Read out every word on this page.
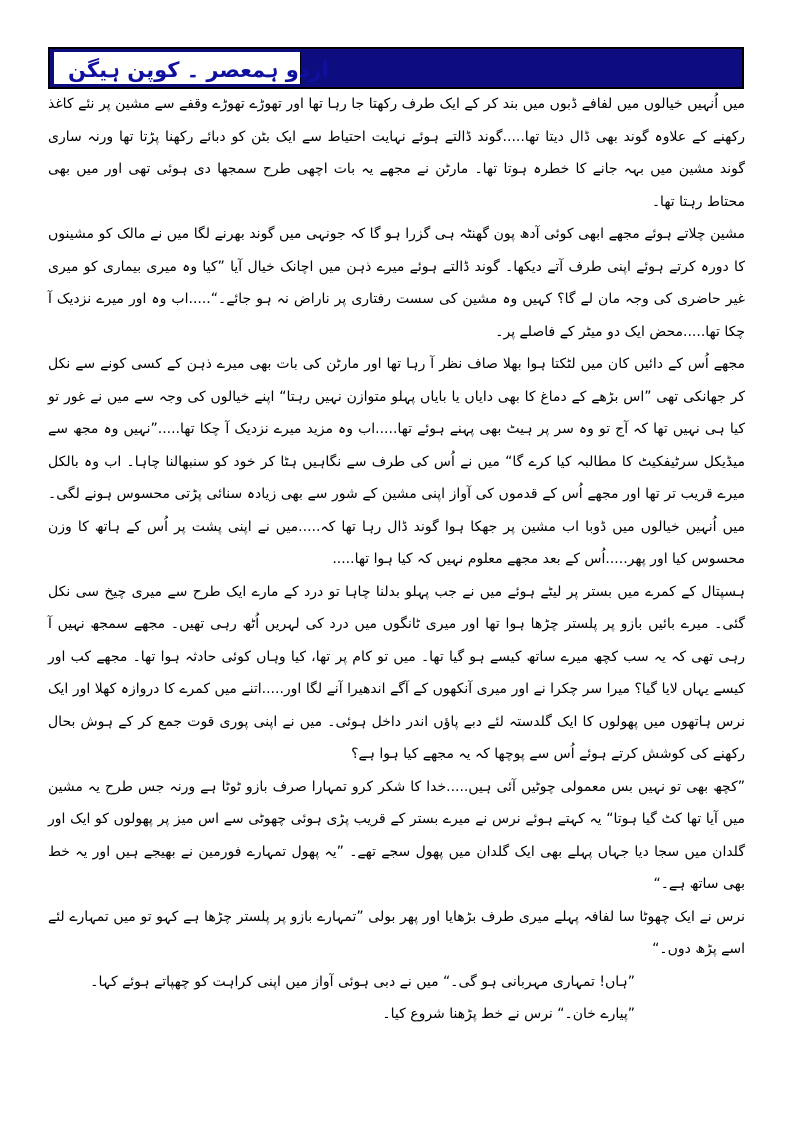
اردو ہمعصر ۔ کوپن ہیگن

میں اُنہیں خیالوں میں لفافے ڈبوں میں بند کر کے ایک طرف رکھتا جا رہا تھا اور تھوڑے تھوڑے وقفے سے مشین پر نئے کاغذ رکھنے کے علاوہ گوند بھی ڈال دیتا تھا.....گوند ڈالتے ہوئے نہایت احتیاط سے ایک بٹن کو دبائے رکھنا پڑتا تھا ورنہ ساری گوند مشین میں بہہ جانے کا خطرہ ہوتا تھا۔ مارٹن نے مجھے یہ بات اچھی طرح سمجھا دی ہوئی تھی اور میں بھی محتاط رہتا تھا۔

مشین چلاتے ہوئے مجھے ابھی کوئی آدھ پون گھنٹہ ہی گزرا ہو گا کہ جونہی میں گوند بھرنے لگا میں نے مالک کو مشینوں کا دورہ کرتے ہوئے اپنی طرف آتے دیکھا۔ گوند ڈالتے ہوئے میرے ذہن میں اچانک خیال آیا ”کیا وہ میری بیماری کو میری غیر حاضری کی وجہ مان لے گا؟ کہیں وہ مشین کی سست رفتاری پر ناراض نہ ہو جائے۔“.....اب وہ اور میرے نزدیک آ چکا تھا.....محض ایک دو میٹر کے فاصلے پر۔

مجھے اُس کے دائیں کان میں لٹکتا ہوا بھلا صاف نظر آ رہا تھا اور مارٹن کی بات بھی میرے ذہن کے کسی کونے سے نکل کر جھانکی تھی ”اس بڑھے کے دماغ کا بھی دایاں یا بایاں پہلو متوازن نہیں رہتا“ اپنے خیالوں کی وجہ سے میں نے غور تو کیا ہی نہیں تھا کہ آج تو وہ سر پر ہیٹ بھی پہنے ہوئے تھا.....اب وہ مزید میرے نزدیک آ چکا تھا.....”نہیں وہ مجھ سے میڈیکل سرٹیفکیٹ کا مطالبہ کیا کرے گا“ میں نے اُس کی طرف سے نگاہیں ہٹا کر خود کو سنبھالنا چاہا۔ اب وہ بالکل میرے قریب تر تھا اور مجھے اُس کے قدموں کی آواز اپنی مشین کے شور سے بھی زیادہ سنائی پڑتی محسوس ہونے لگی۔ میں اُنہیں خیالوں میں ڈوبا اب مشین پر جھکا ہوا گوند ڈال رہا تھا کہ.....میں نے اپنی پشت پر اُس کے ہاتھ کا وزن محسوس کیا اور پھر.....اُس کے بعد مجھے معلوم نہیں کہ کیا ہوا تھا.....

ہسپتال کے کمرے میں بستر پر لیٹے ہوئے میں نے جب پہلو بدلنا چاہا تو درد کے مارے ایک طرح سے میری چیخ سی نکل گئی۔ میرے بائیں بازو پر پلستر چڑھا ہوا تھا اور میری ٹانگوں میں درد کی لہریں اُٹھ رہی تھیں۔ مجھے سمجھ نہیں آ رہی تھی کہ یہ سب کچھ میرے ساتھ کیسے ہو گیا تھا۔ میں تو کام پر تھا، کیا وہاں کوئی حادثہ ہوا تھا۔ مجھے کب اور کیسے یہاں لایا گیا؟ میرا سر چکرا نے اور میری آنکھوں کے آگے اندھیرا آنے لگا اور.....اتنے میں کمرے کا دروازہ کھلا اور ایک نرس ہاتھوں میں پھولوں کا ایک گلدستہ لئے دبے پاؤں اندر داخل ہوئی۔ میں نے اپنی پوری قوت جمع کر کے ہوش بحال رکھنے کی کوشش کرتے ہوئے اُس سے پوچھا کہ یہ مجھے کیا ہوا ہے؟

”کچھ بھی تو نہیں بس معمولی چوٹیں آئی ہیں.....خدا کا شکر کرو تمہارا صرف بازو ٹوٹا ہے ورنہ جس طرح یہ مشین میں آیا تھا کٹ گیا ہوتا“ یہ کہتے ہوئے نرس نے میرے بستر کے قریب پڑی ہوئی چھوٹی سے اس میز پر پھولوں کو ایک اور گلدان میں سجا دیا جہاں پہلے بھی ایک گلدان میں پھول سجے تھے۔ ”یہ پھول تمہارے فورمین نے بھیجے ہیں اور یہ خط بھی ساتھ ہے۔“

نرس نے ایک چھوٹا سا لفافہ پہلے میری طرف بڑھایا اور پھر بولی ”تمہارے بازو پر پلستر چڑھا ہے کہو تو میں تمہارے لئے اسے پڑھ دوں۔“

”ہاں! تمہاری مہربانی ہو گی۔“ میں نے دبی ہوئی آواز میں اپنی کراہت کو چھپاتے ہوئے کہا۔

”پیارے خان۔“ نرس نے خط پڑھنا شروع کیا۔
